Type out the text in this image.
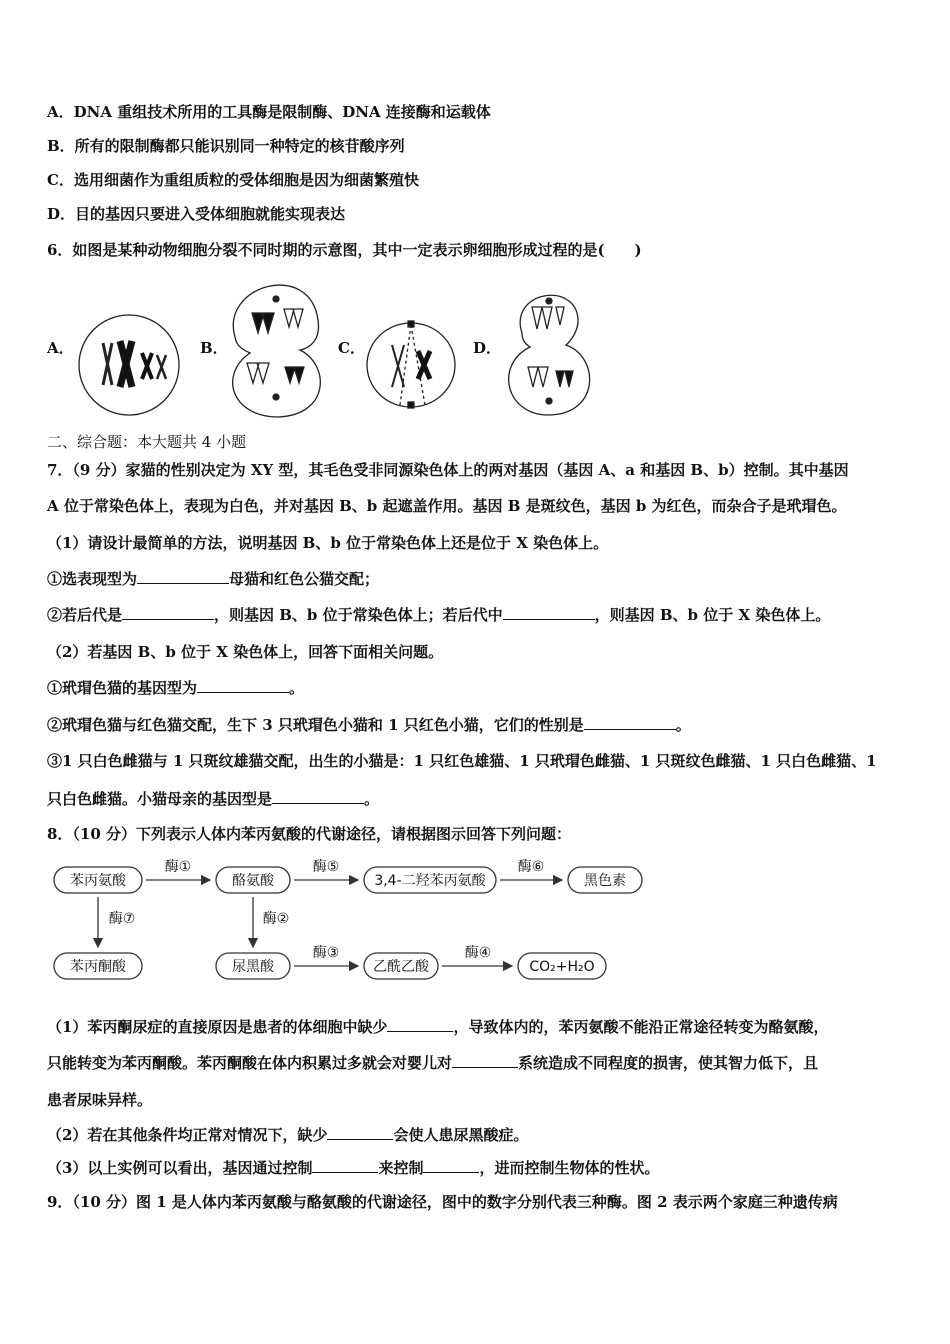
A．DNA 重组技术所用的工具酶是限制酶、DNA 连接酶和运载体
B．所有的限制酶都只能识别同一种特定的核苷酸序列
C．选用细菌作为重组质粒的受体细胞是因为细菌繁殖快
D．目的基因只要进入受体细胞就能实现表达
6．如图是某种动物细胞分裂不同时期的示意图，其中一定表示卵细胞形成过程的是(　　)
A．	B．	C．	D．
二、综合题：本大题共 4 小题
7．（9 分）家猫的性别决定为 XY 型，其毛色受非同源染色体上的两对基因（基因 A、a 和基因 B、b）控制。其中基因
A 位于常染色体上，表现为白色，并对基因 B、b 起遮盖作用。基因 B 是斑纹色，基因 b 为红色，而杂合子是玳瑁色。
（1）请设计最简单的方法，说明基因 B、b 位于常染色体上还是位于 X 染色体上。
①选表现型为	母猫和红色公猫交配；
②若后代是	，则基因 B、b 位于常染色体上；若后代中	，则基因 B、b 位于 X 染色体上。
（2）若基因 B、b 位于 X 染色体上，回答下面相关问题。
①玳瑁色猫的基因型为	。
②玳瑁色猫与红色猫交配，生下 3 只玳瑁色小猫和 1 只红色小猫，它们的性别是	。
③1 只白色雌猫与 1 只斑纹雄猫交配，出生的小猫是：1 只红色雄猫、1 只玳瑁色雌猫、1 只斑纹色雌猫、1 只白色雌猫、1
只白色雌猫。小猫母亲的基因型是	。
8．（10 分）下列表示人体内苯丙氨酸的代谢途径，请根据图示回答下列问题：
苯丙氨酸	酪氨酸	3,4-二羟苯丙氨酸	黑色素
苯丙酮酸	尿黑酸	乙酰乙酸	CO₂+H₂O
酶①	酶⑤	酶⑥
酶⑦	酶②
酶③	酶④
（1）苯丙酮尿症的直接原因是患者的体细胞中缺少	，导致体内的，苯丙氨酸不能沿正常途径转变为酪氨酸，
只能转变为苯丙酮酸。苯丙酮酸在体内积累过多就会对婴儿对	系统造成不同程度的损害，使其智力低下，且
患者尿味异样。
（2）若在其他条件均正常对情况下，缺少	会使人患尿黑酸症。
（3）以上实例可以看出，基因通过控制	来控制	，进而控制生物体的性状。
9．（10 分）图 1 是人体内苯丙氨酸与酪氨酸的代谢途径，图中的数字分别代表三种酶。图 2 表示两个家庭三种遗传病
